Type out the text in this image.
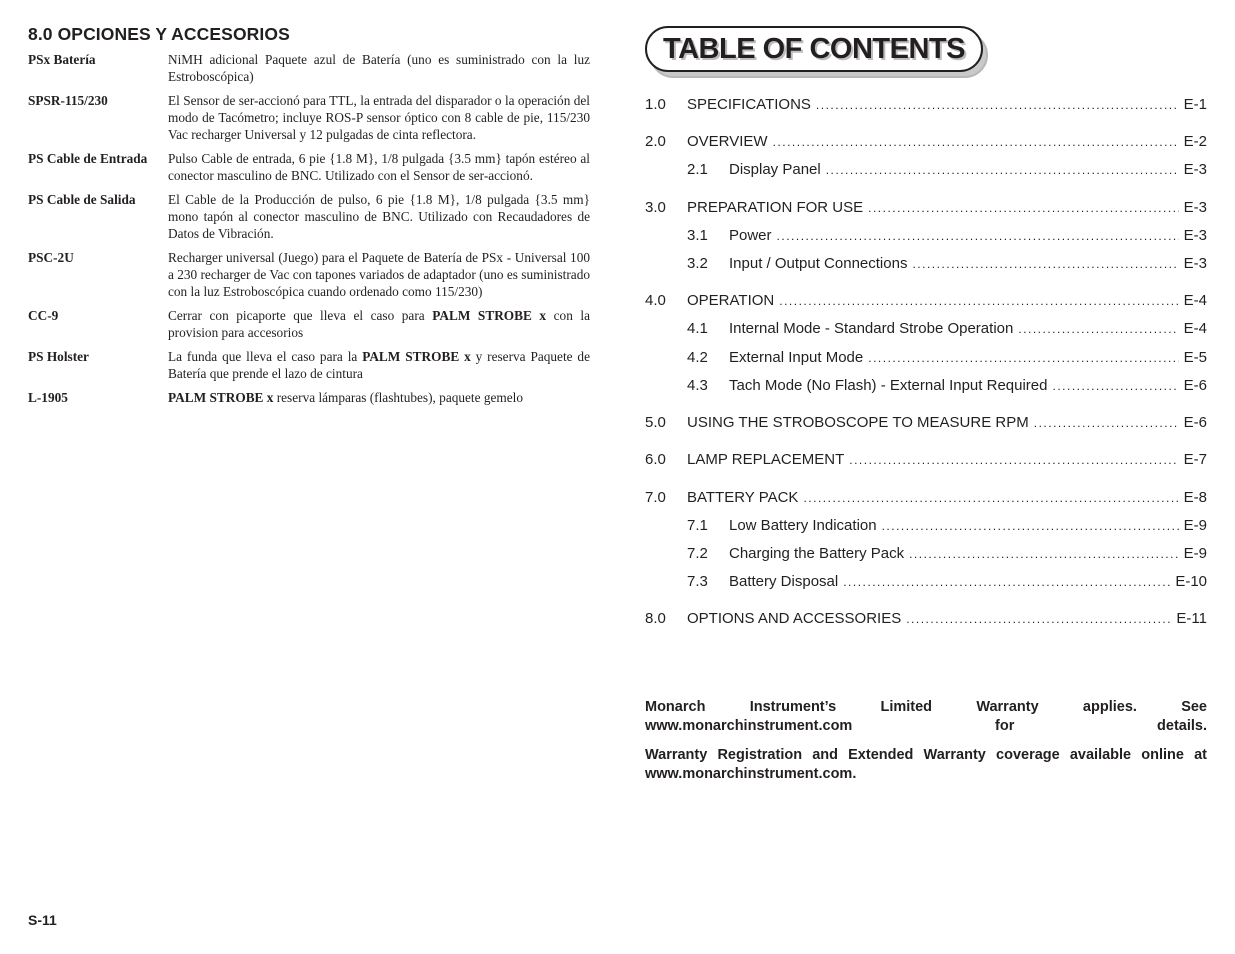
8.0 OPCIONES Y ACCESORIOS
PSx Batería	NiMH adicional Paquete azul de Batería (uno es suministrado con la luz Estroboscópica)
SPSR-115/230	El Sensor de ser-accionó para TTL, la entrada del disparador o la operación del modo de Tacómetro; incluye ROS-P sensor óptico con 8 cable de pie, 115/230 Vac recharger Universal y 12 pulgadas de cinta reflectora.
PS Cable de Entrada	Pulso Cable de entrada, 6 pie {1.8 M}, 1/8 pulgada {3.5 mm} tapón estéreo al conector masculino de BNC. Utilizado con el Sensor de ser-accionó.
PS Cable de Salida	El Cable de la Producción de pulso, 6 pie {1.8 M}, 1/8 pulgada {3.5 mm} mono tapón al conector masculino de BNC. Utilizado con Recaudadores de Datos de Vibración.
PSC-2U	Recharger universal (Juego) para el Paquete de Batería de PSx - Universal 100 a 230 recharger de Vac con tapones variados de adaptador (uno es suministrado con la luz Estroboscópica cuando ordenado como 115/230)
CC-9	Cerrar con picaporte que lleva el caso para PALM STROBE x con la provision para accesorios
PS Holster	La funda que lleva el caso para la PALM STROBE x y reserva Paquete de Batería que prende el lazo de cintura
L-1905	PALM STROBE x reserva lámparas (flashtubes), paquete gemelo
S-11
TABLE OF CONTENTS
1.0	SPECIFICATIONS .....	E-1
2.0	OVERVIEW .....	E-2
2.1	Display Panel .....	E-3
3.0	PREPARATION FOR USE .....	E-3
3.1	Power .....	E-3
3.2	Input / Output Connections .....	E-3
4.0	OPERATION .....	E-4
4.1	Internal Mode - Standard Strobe Operation .....	E-4
4.2	External Input Mode .....	E-5
4.3	Tach Mode (No Flash) - External Input Required .....	E-6
5.0	USING THE STROBOSCOPE TO MEASURE RPM .....	E-6
6.0	LAMP REPLACEMENT .....	E-7
7.0	BATTERY PACK .....	E-8
7.1	Low Battery Indication .....	E-9
7.2	Charging the Battery Pack .....	E-9
7.3	Battery Disposal .....	E-10
8.0	OPTIONS AND ACCESSORIES .....	E-11

Monarch Instrument’s Limited Warranty applies. See www.monarchinstrument.com for details.

Warranty Registration and Extended Warranty coverage available online at www.monarchinstrument.com.
